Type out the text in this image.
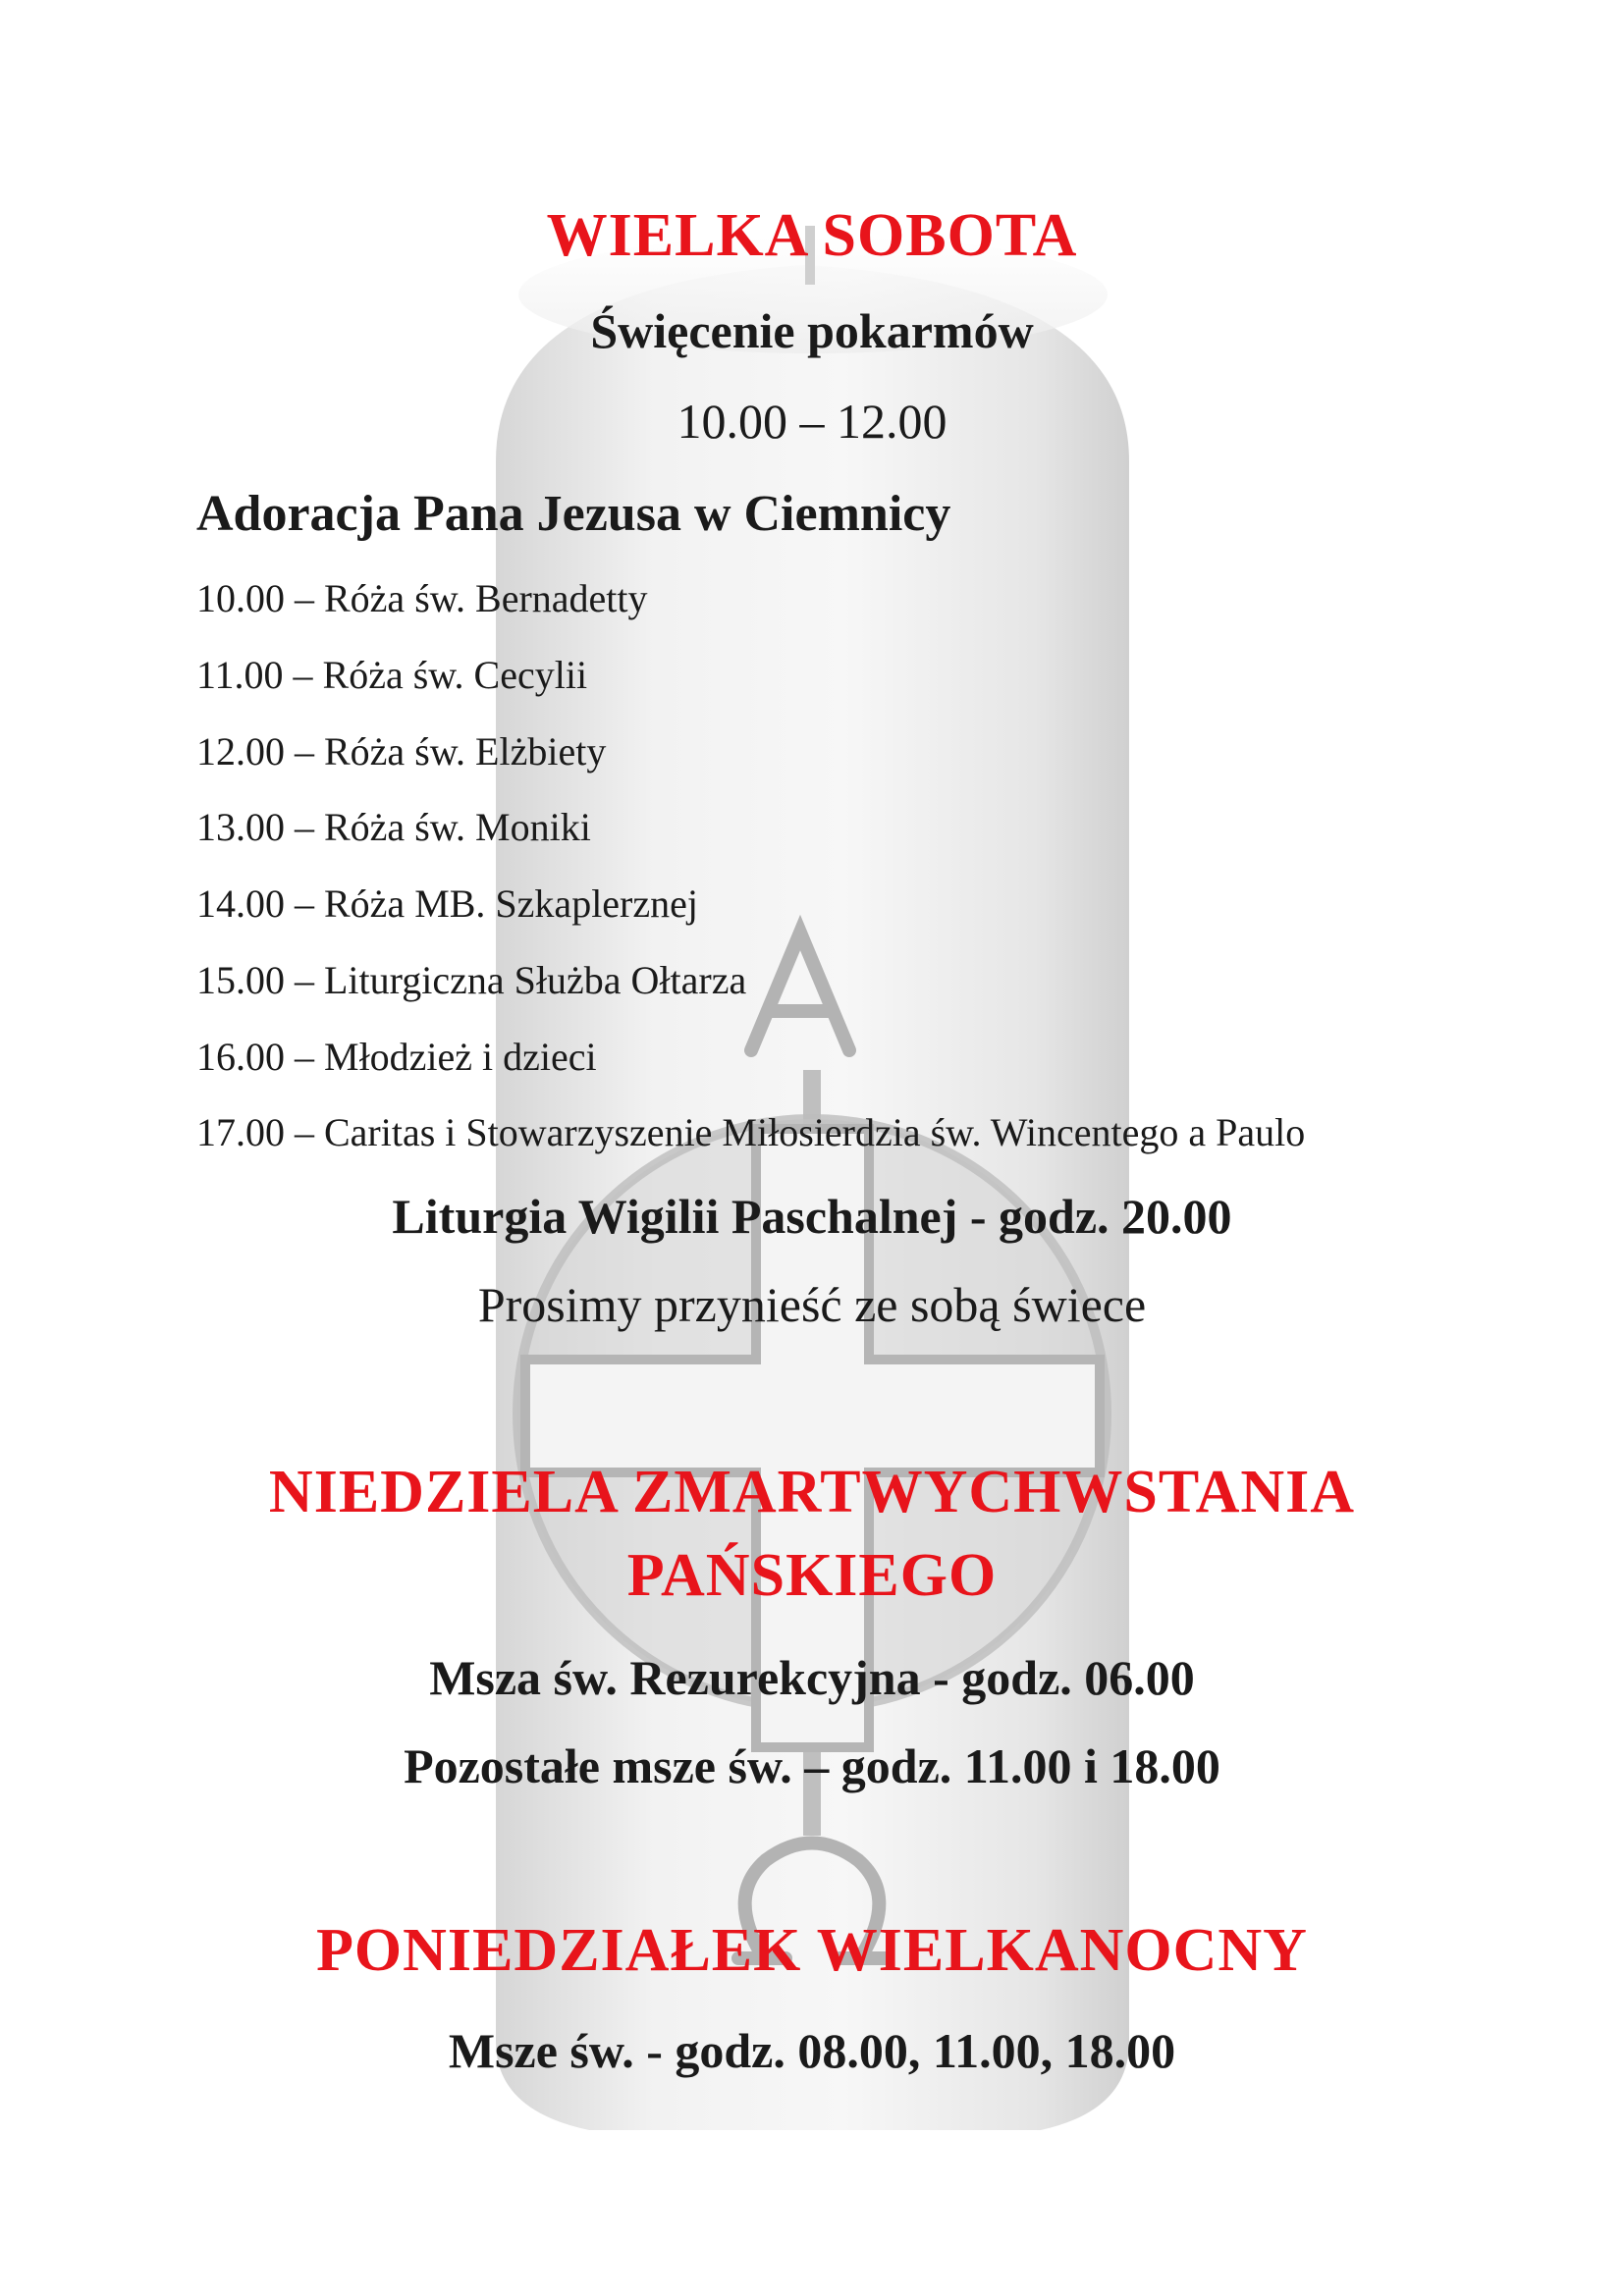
WIELKA SOBOTA
Święcenie pokarmów
10.00 – 12.00
Adoracja Pana Jezusa w Ciemnicy
10.00 – Róża św. Bernadetty
11.00 – Róża św. Cecylii
12.00 – Róża św. Elżbiety
13.00 – Róża św. Moniki
14.00 – Róża MB. Szkaplerznej
15.00 – Liturgiczna Służba Ołtarza
16.00 – Młodzież i dzieci
17.00 – Caritas i Stowarzyszenie Miłosierdzia św. Wincentego a Paulo
Liturgia Wigilii Paschalnej - godz. 20.00
Prosimy przynieść ze sobą świece
NIEDZIELA ZMARTWYCHWSTANIA
PAŃSKIEGO
Msza św. Rezurekcyjna - godz. 06.00
Pozostałe msze św. – godz. 11.00 i 18.00
PONIEDZIAŁEK WIELKANOCNY
Msze św. - godz. 08.00, 11.00, 18.00
